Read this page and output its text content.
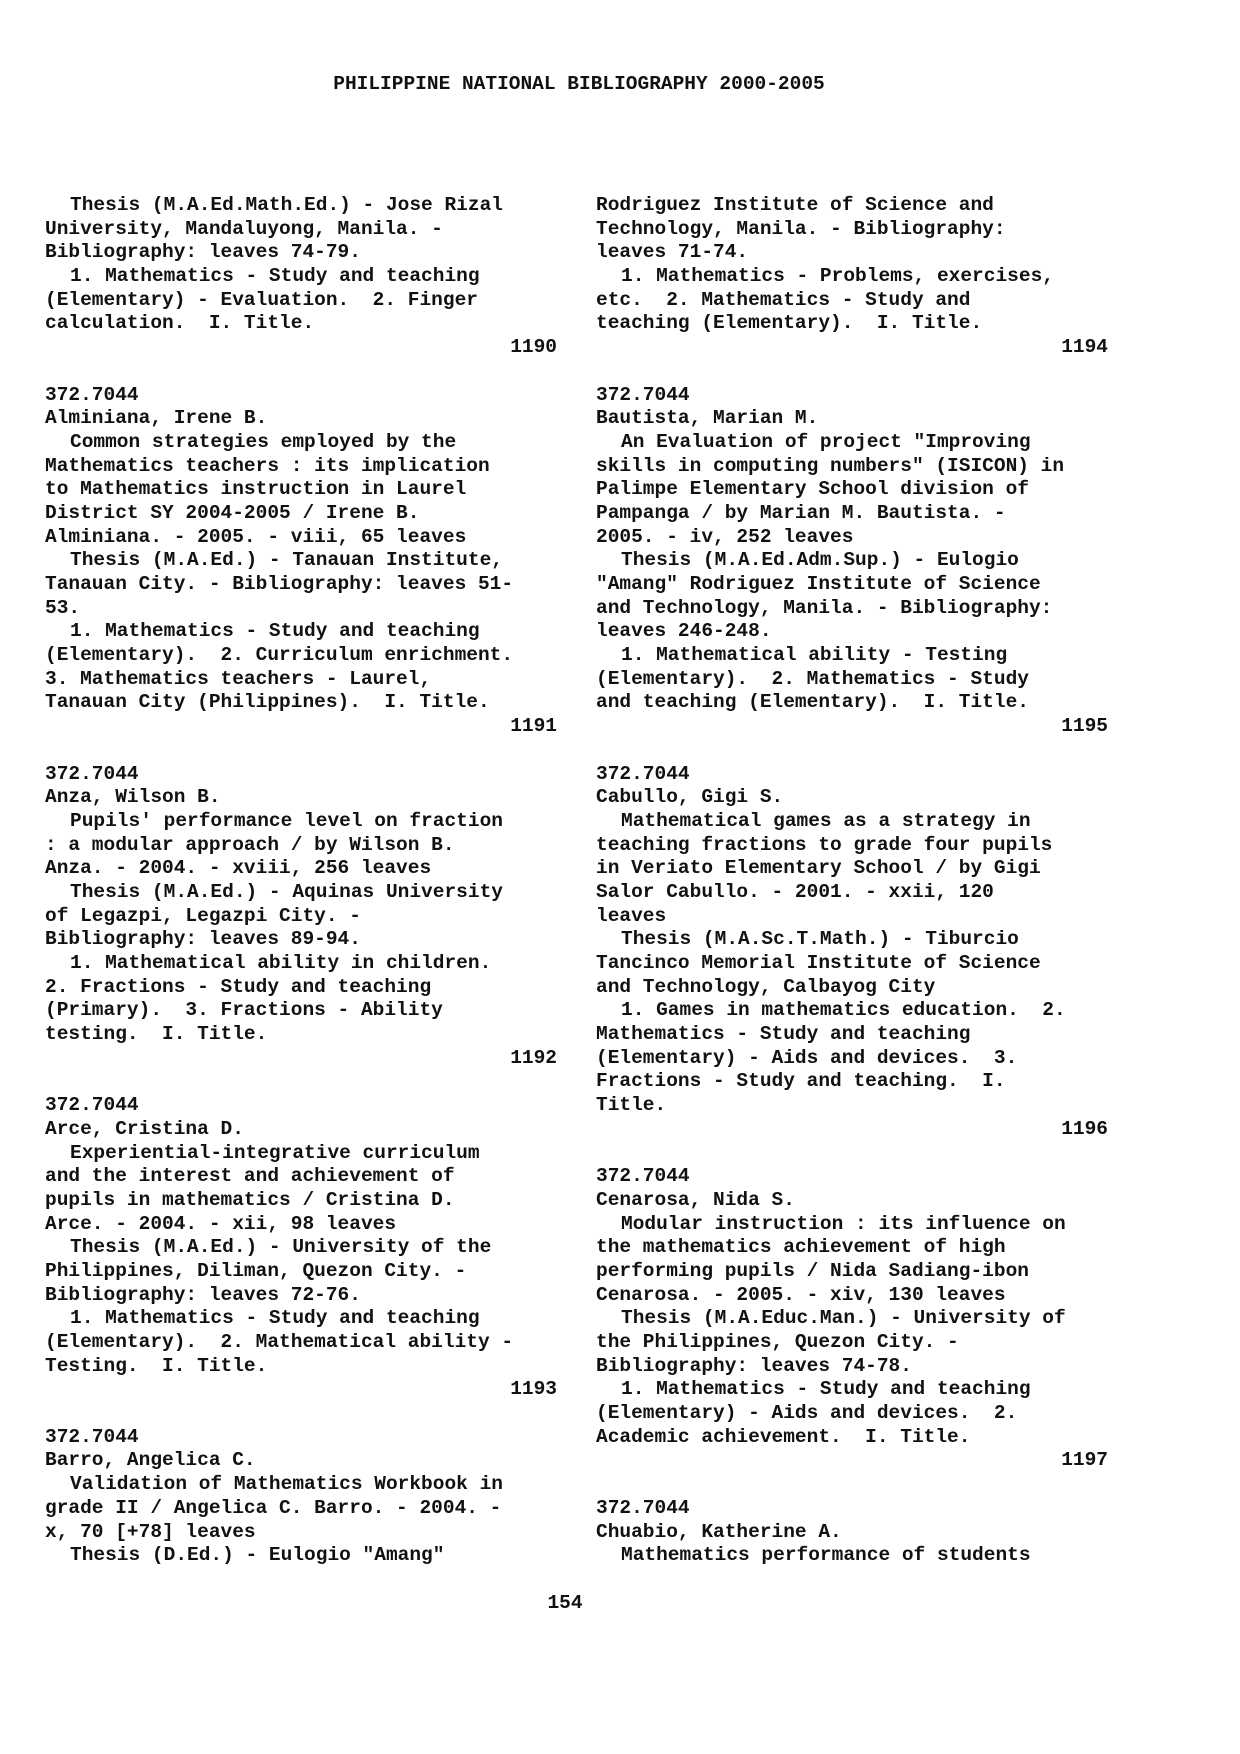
PHILIPPINE NATIONAL BIBLIOGRAPHY 2000-2005
Thesis (M.A.Ed.Math.Ed.) - Jose Rizal
University, Mandaluyong, Manila. -
Bibliography: leaves 74-79.
1. Mathematics - Study and teaching
(Elementary) - Evaluation.  2. Finger
calculation.  I. Title.
1190
372.7044
Alminiana, Irene B.
Common strategies employed by the
Mathematics teachers : its implication
to Mathematics instruction in Laurel
District SY 2004-2005 / Irene B.
Alminiana. - 2005. - viii, 65 leaves
Thesis (M.A.Ed.) - Tanauan Institute,
Tanauan City. - Bibliography: leaves 51-
53.
1. Mathematics - Study and teaching
(Elementary).  2. Curriculum enrichment.
3. Mathematics teachers - Laurel,
Tanauan City (Philippines).  I. Title.
1191
372.7044
Anza, Wilson B.
Pupils' performance level on fraction
: a modular approach / by Wilson B.
Anza. - 2004. - xviii, 256 leaves
Thesis (M.A.Ed.) - Aquinas University
of Legazpi, Legazpi City. -
Bibliography: leaves 89-94.
1. Mathematical ability in children.
2. Fractions - Study and teaching
(Primary).  3. Fractions - Ability
testing.  I. Title.
1192
372.7044
Arce, Cristina D.
Experiential-integrative curriculum
and the interest and achievement of
pupils in mathematics / Cristina D.
Arce. - 2004. - xii, 98 leaves
Thesis (M.A.Ed.) - University of the
Philippines, Diliman, Quezon City. -
Bibliography: leaves 72-76.
1. Mathematics - Study and teaching
(Elementary).  2. Mathematical ability -
Testing.  I. Title.
1193
372.7044
Barro, Angelica C.
Validation of Mathematics Workbook in
grade II / Angelica C. Barro. - 2004. -
x, 70 [+78] leaves
Thesis (D.Ed.) - Eulogio "Amang"
Rodriguez Institute of Science and
Technology, Manila. - Bibliography:
leaves 71-74.
1. Mathematics - Problems, exercises,
etc.  2. Mathematics - Study and
teaching (Elementary).  I. Title.
1194
372.7044
Bautista, Marian M.
An Evaluation of project "Improving
skills in computing numbers" (ISICON) in
Palimpe Elementary School division of
Pampanga / by Marian M. Bautista. -
2005. - iv, 252 leaves
Thesis (M.A.Ed.Adm.Sup.) - Eulogio
"Amang" Rodriguez Institute of Science
and Technology, Manila. - Bibliography:
leaves 246-248.
1. Mathematical ability - Testing
(Elementary).  2. Mathematics - Study
and teaching (Elementary).  I. Title.
1195
372.7044
Cabullo, Gigi S.
Mathematical games as a strategy in
teaching fractions to grade four pupils
in Veriato Elementary School / by Gigi
Salor Cabullo. - 2001. - xxii, 120
leaves
Thesis (M.A.Sc.T.Math.) - Tiburcio
Tancinco Memorial Institute of Science
and Technology, Calbayog City
1. Games in mathematics education.  2.
Mathematics - Study and teaching
(Elementary) - Aids and devices.  3.
Fractions - Study and teaching.  I.
Title.
1196
372.7044
Cenarosa, Nida S.
Modular instruction : its influence on
the mathematics achievement of high
performing pupils / Nida Sadiang-ibon
Cenarosa. - 2005. - xiv, 130 leaves
Thesis (M.A.Educ.Man.) - University of
the Philippines, Quezon City. -
Bibliography: leaves 74-78.
1. Mathematics - Study and teaching
(Elementary) - Aids and devices.  2.
Academic achievement.  I. Title.
1197
372.7044
Chuabio, Katherine A.
Mathematics performance of students
154
